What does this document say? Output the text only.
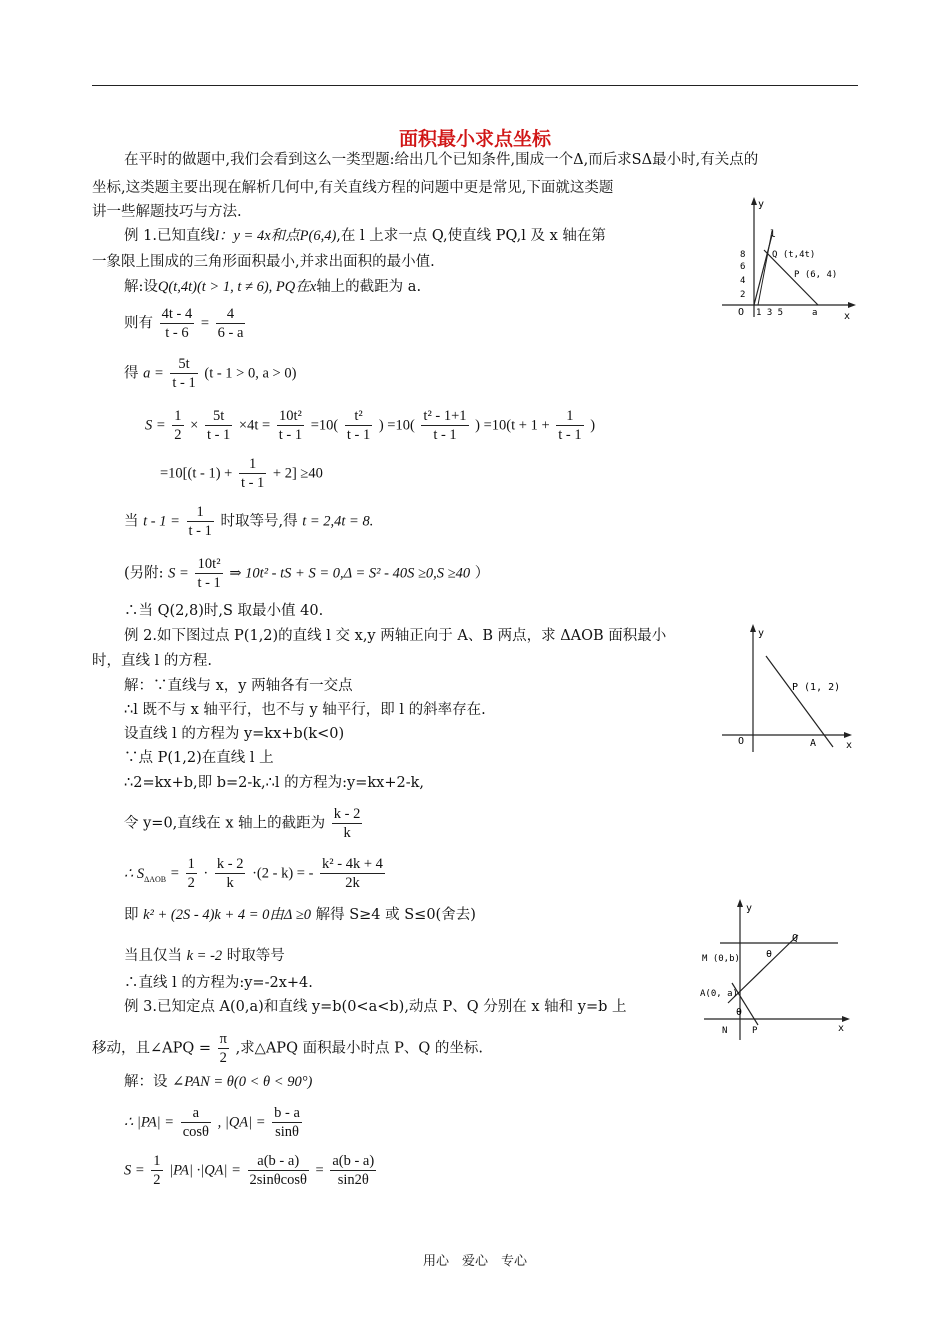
面积最小求点坐标
在平时的做题中,我们会看到这么一类型题:给出几个已知条件,围成一个Δ,而后求SΔ最小时,有关点的
坐标,这类题主要出现在解析几何中,有关直线方程的问题中更是常见,下面就这类题
讲一些解题技巧与方法.
例 1.已知直线l：y = 4x和点P(6,4),在 l 上求一点 Q,使直线 PQ,l 及 x 轴在第
一象限上围成的三角形面积最小,并求出面积的最小值.
解:设Q(t,4t)(t > 1, t ≠ 6), PQ在x轴上的截距为 a.
则有 $\frac{4t - 4}{t - 6} = \frac{4}{6 - a}$
得 $a = \frac{5t}{t - 1} (t - 1 > 0$, a > 0)
$S = \frac{1}{2} \times \frac{5t}{t - 1} \times 4t = \frac{\text{10t²}}{t - 1} =10( \frac{\text{t²}}{t - 1}$ ) $=10( \frac{\text{t² - 1+1}}{t - 1}$ ) $=10(t + 1 + \frac{1}{t - 1}$ )
$=10[(t - 1) + \frac{1}{t - 1} + 2] \ge 40$
当 $t - 1 = \frac{1}{t - 1}$ 时取等号,得 t = 2,4t = 8.
(另附: $S = \frac{\text{10t²}}{t - 1}$ ⇒ 10t² - tS + S = 0,Δ = S² - 40S ≥0,S ≥40 ）
∴当 Q(2,8)时,S 取最小值 40.
y
x
O
l
Q (t,4t)
P (6, 4)
a
8
6
4
2
1 3 5
例 2.如下图过点 P(1,2)的直线 l 交 x,y 两轴正向于 A、B 两点，求 ΔAOB 面积最小
时，直线 l 的方程.
解：∵直线与 x，y 两轴各有一交点
∴l 既不与 x 轴平行，也不与 y 轴平行，即 l 的斜率存在.
设直线 l 的方程为 y=kx+b(k<0)
∵点 P(1,2)在直线 l 上
∴2=kx+b,即 b=2-k,∴l 的方程为:y=kx+2-k,
令 y=0,直线在 x 轴上的截距为 $\frac{k - 2}{k}$
∴ $S_{\Delta AOB} = \frac{1}{2} \cdot \frac{k - 2}{k} \cdot(2 - k)$ = - $\frac{\text{k² - 4k + 4}}{2k}$
即 k² + (2S - 4)k + 4 = 0由Δ ≥0 解得 S≥4 或 S≤0(舍去)
当且仅当 k = -2 时取等号
∴直线 l 的方程为:y=-2x+4.
y
x
O	A
P (1, 2)
例 3.已知定点 A(0,a)和直线 y=b(0<a<b),动点 P、Q 分别在 x 轴和 y=b 上
移动，且∠APQ = $\frac{\pi}{2}$ ,求△APQ 面积最小时点 P、Q 的坐标.
解：设 ∠PAN = θ(0 < θ < 90°)
∴ $|PA| = \frac{a}{\cos\theta}$ , $|QA| = \frac{b - a}{\sin\theta}$
$S = \frac{1}{2} |PA| \cdot|QA| = \frac{a(b - a)}{2\sin\theta\cos\theta} = \frac{a(b - a)}{\sin 2\theta}$
y
x
M (0,b)
Q
A(0, a)
N	P
θ
θ
用心　爱心　专心
